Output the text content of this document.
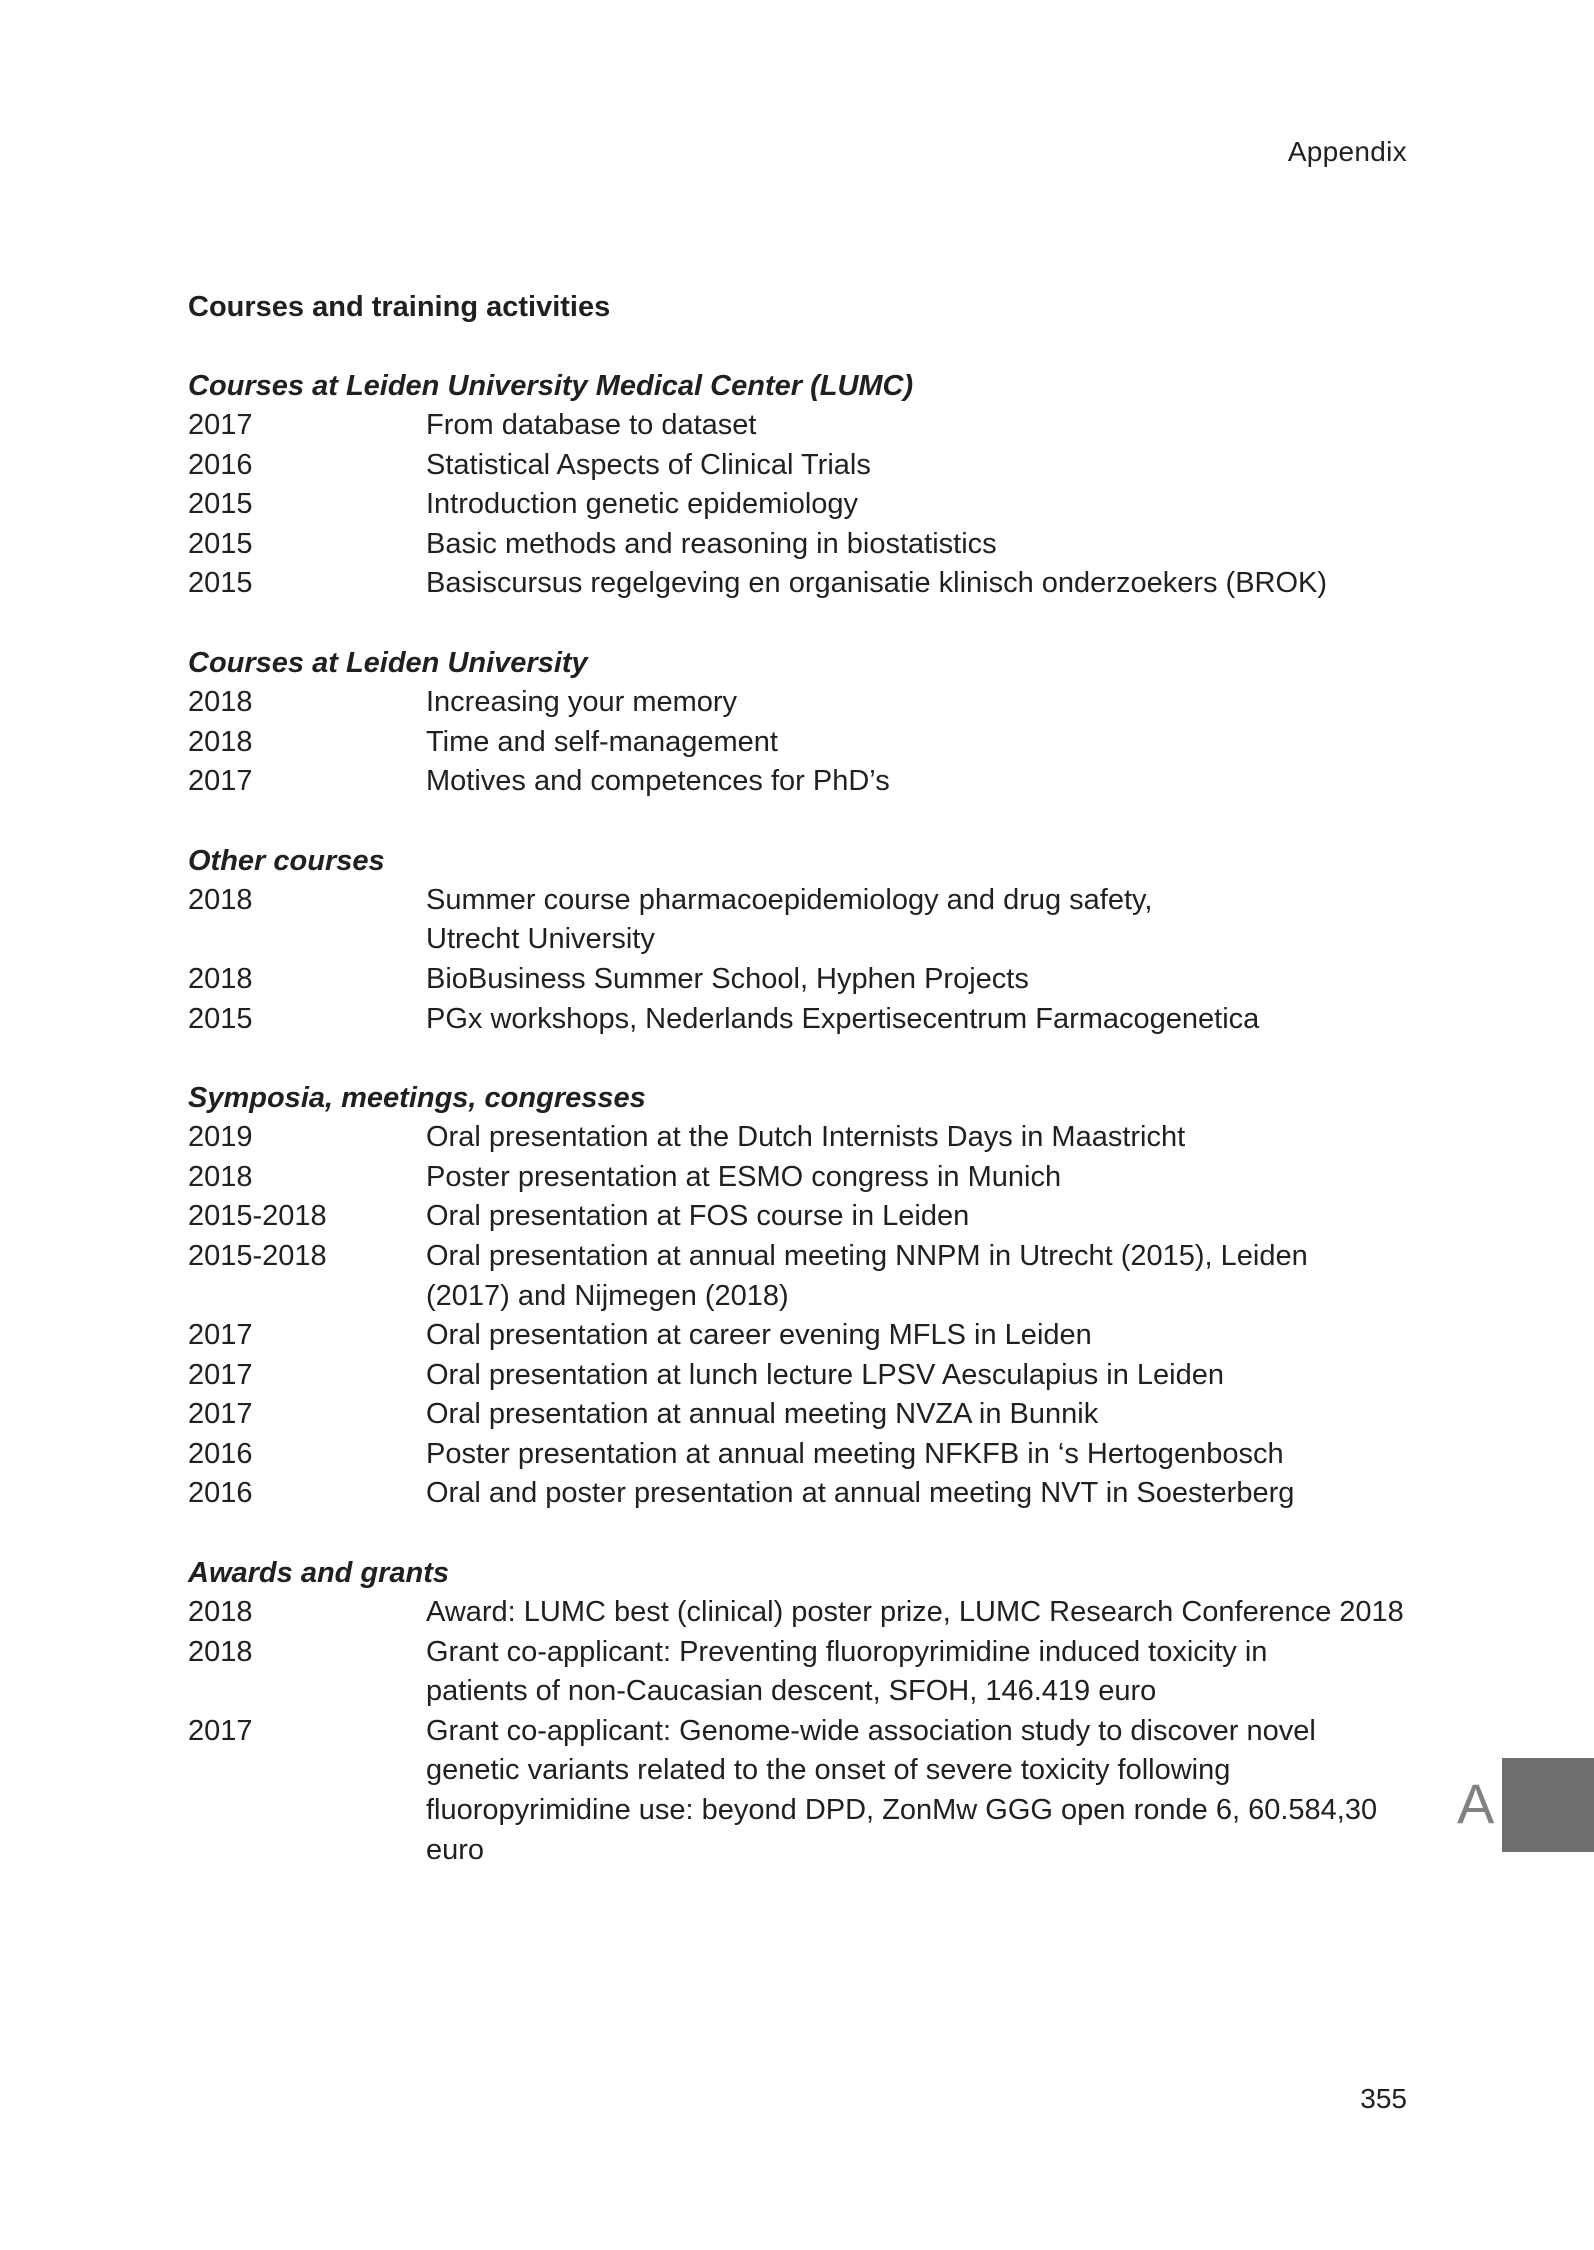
Appendix
Courses and training activities
Courses at Leiden University Medical Center (LUMC)
2017	From database to dataset
2016	Statistical Aspects of Clinical Trials
2015	Introduction genetic epidemiology
2015	Basic methods and reasoning in biostatistics
2015	Basiscursus regelgeving en organisatie klinisch onderzoekers (BROK)
Courses at Leiden University
2018	Increasing your memory
2018	Time and self-management
2017	Motives and competences for PhD’s
Other courses
2018	Summer course pharmacoepidemiology and drug safety,
Utrecht University
2018	BioBusiness Summer School, Hyphen Projects
2015	PGx workshops, Nederlands Expertisecentrum Farmacogenetica
Symposia, meetings, congresses
2019	Oral presentation at the Dutch Internists Days in Maastricht
2018	Poster presentation at ESMO congress in Munich
2015-2018	Oral presentation at FOS course in Leiden
2015-2018	Oral presentation at annual meeting NNPM in Utrecht (2015), Leiden
(2017) and Nijmegen (2018)
2017	Oral presentation at career evening MFLS in Leiden
2017	Oral presentation at lunch lecture LPSV Aesculapius in Leiden
2017	Oral presentation at annual meeting NVZA in Bunnik
2016	Poster presentation at annual meeting NFKFB in ‘s Hertogenbosch
2016	Oral and poster presentation at annual meeting NVT in Soesterberg
Awards and grants
2018	Award: LUMC best (clinical) poster prize, LUMC Research Conference 2018
2018	Grant co-applicant: Preventing fluoropyrimidine induced toxicity in
patients of non-Caucasian descent, SFOH, 146.419 euro
2017	Grant co-applicant: Genome-wide association study to discover novel
genetic variants related to the onset of severe toxicity following
fluoropyrimidine use: beyond DPD, ZonMw GGG open ronde 6, 60.584,30
euro
A
355
